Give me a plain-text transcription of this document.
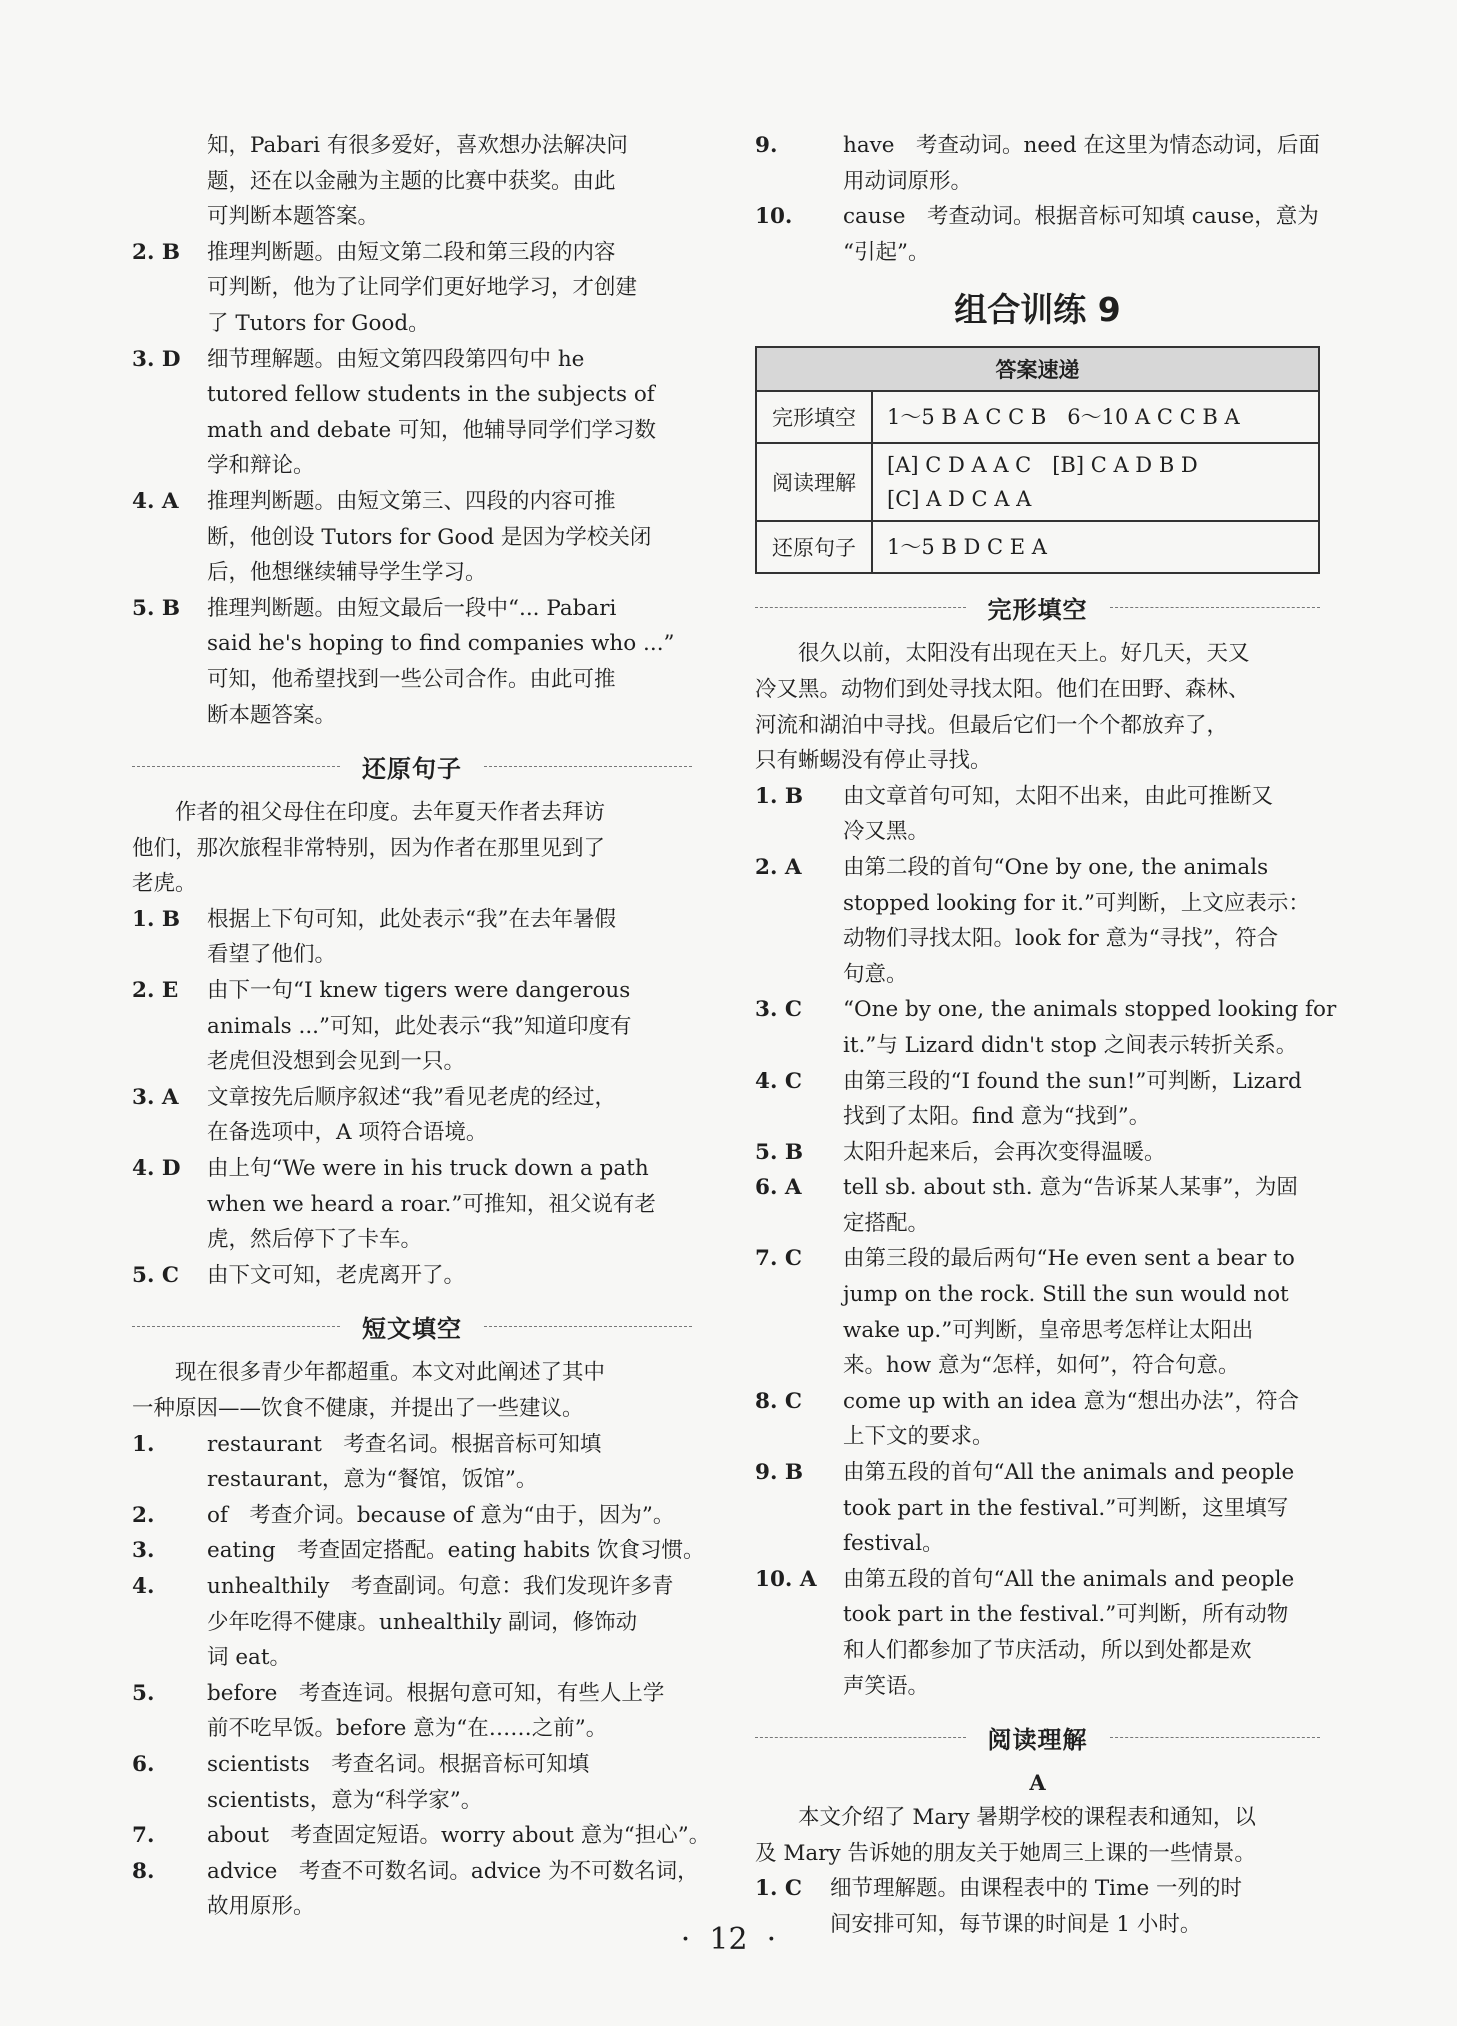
知，Pabari 有很多爱好，喜欢想办法解决问
题，还在以金融为主题的比赛中获奖。由此
可判断本题答案。
2. B	推理判断题。由短文第二段和第三段的内容
可判断，他为了让同学们更好地学习，才创建
了 Tutors for Good。
3. D	细节理解题。由短文第四段第四句中 he
tutored fellow students in the subjects of
math and debate 可知，他辅导同学们学习数
学和辩论。
4. A	推理判断题。由短文第三、四段的内容可推
断，他创设 Tutors for Good 是因为学校关闭
后，他想继续辅导学生学习。
5. B	推理判断题。由短文最后一段中“... Pabari
said he's hoping to find companies who ...”
可知，他希望找到一些公司合作。由此可推
断本题答案。
还原句子
作者的祖父母住在印度。去年夏天作者去拜访
他们，那次旅程非常特别，因为作者在那里见到了
老虎。
1. B	根据上下句可知，此处表示“我”在去年暑假
看望了他们。
2. E	由下一句“I knew tigers were dangerous
animals ...”可知，此处表示“我”知道印度有
老虎但没想到会见到一只。
3. A	文章按先后顺序叙述“我”看见老虎的经过，
在备选项中，A 项符合语境。
4. D	由上句“We were in his truck down a path
when we heard a roar.”可推知，祖父说有老
虎，然后停下了卡车。
5. C	由下文可知，老虎离开了。
短文填空
现在很多青少年都超重。本文对此阐述了其中
一种原因——饮食不健康，并提出了一些建议。
1.	restaurant　考查名词。根据音标可知填
restaurant，意为“餐馆，饭馆”。
2.	of　考查介词。because of 意为“由于，因为”。
3.	eating　考查固定搭配。eating habits 饮食习惯。
4.	unhealthily　考查副词。句意：我们发现许多青
少年吃得不健康。unhealthily 副词，修饰动
词 eat。
5.	before　考查连词。根据句意可知，有些人上学
前不吃早饭。before 意为“在……之前”。
6.	scientists　考查名词。根据音标可知填
scientists，意为“科学家”。
7.	about　考查固定短语。worry about 意为“担心”。
8.	advice　考查不可数名词。advice 为不可数名词，
故用原形。
9.	have　考查动词。need 在这里为情态动词，后面
用动词原形。
10.	cause　考查动词。根据音标可知填 cause，意为
“引起”。
组合训练 9
答案速递	
完形填空	1～5 B A C C B　6～10 A C C B A

阅读理解	[A] C D A A C　[B] C A D B D
[C] A D C A A

还原句子	1～5 B D C E A
完形填空
很久以前，太阳没有出现在天上。好几天，天又
冷又黑。动物们到处寻找太阳。他们在田野、森林、
河流和湖泊中寻找。但最后它们一个个都放弃了，
只有蜥蜴没有停止寻找。
1. B	由文章首句可知，太阳不出来，由此可推断又
冷又黑。
2. A	由第二段的首句“One by one, the animals
stopped looking for it.”可判断，上文应表示：
动物们寻找太阳。look for 意为“寻找”，符合
句意。
3. C	“One by one, the animals stopped looking for
it.”与 Lizard didn't stop 之间表示转折关系。
4. C	由第三段的“I found the sun!”可判断，Lizard
找到了太阳。find 意为“找到”。
5. B	太阳升起来后，会再次变得温暖。
6. A	tell sb. about sth. 意为“告诉某人某事”，为固
定搭配。
7. C	由第三段的最后两句“He even sent a bear to
jump on the rock. Still the sun would not
wake up.”可判断，皇帝思考怎样让太阳出
来。how 意为“怎样，如何”，符合句意。
8. C	come up with an idea 意为“想出办法”，符合
上下文的要求。
9. B	由第五段的首句“All the animals and people
took part in the festival.”可判断，这里填写
festival。
10. A	由第五段的首句“All the animals and people
took part in the festival.”可判断，所有动物
和人们都参加了节庆活动，所以到处都是欢
声笑语。
阅读理解
A
本文介绍了 Mary 暑期学校的课程表和通知，以
及 Mary 告诉她的朋友关于她周三上课的一些情景。
1. C	细节理解题。由课程表中的 Time 一列的时
间安排可知，每节课的时间是 1 小时。
· 12 ·
